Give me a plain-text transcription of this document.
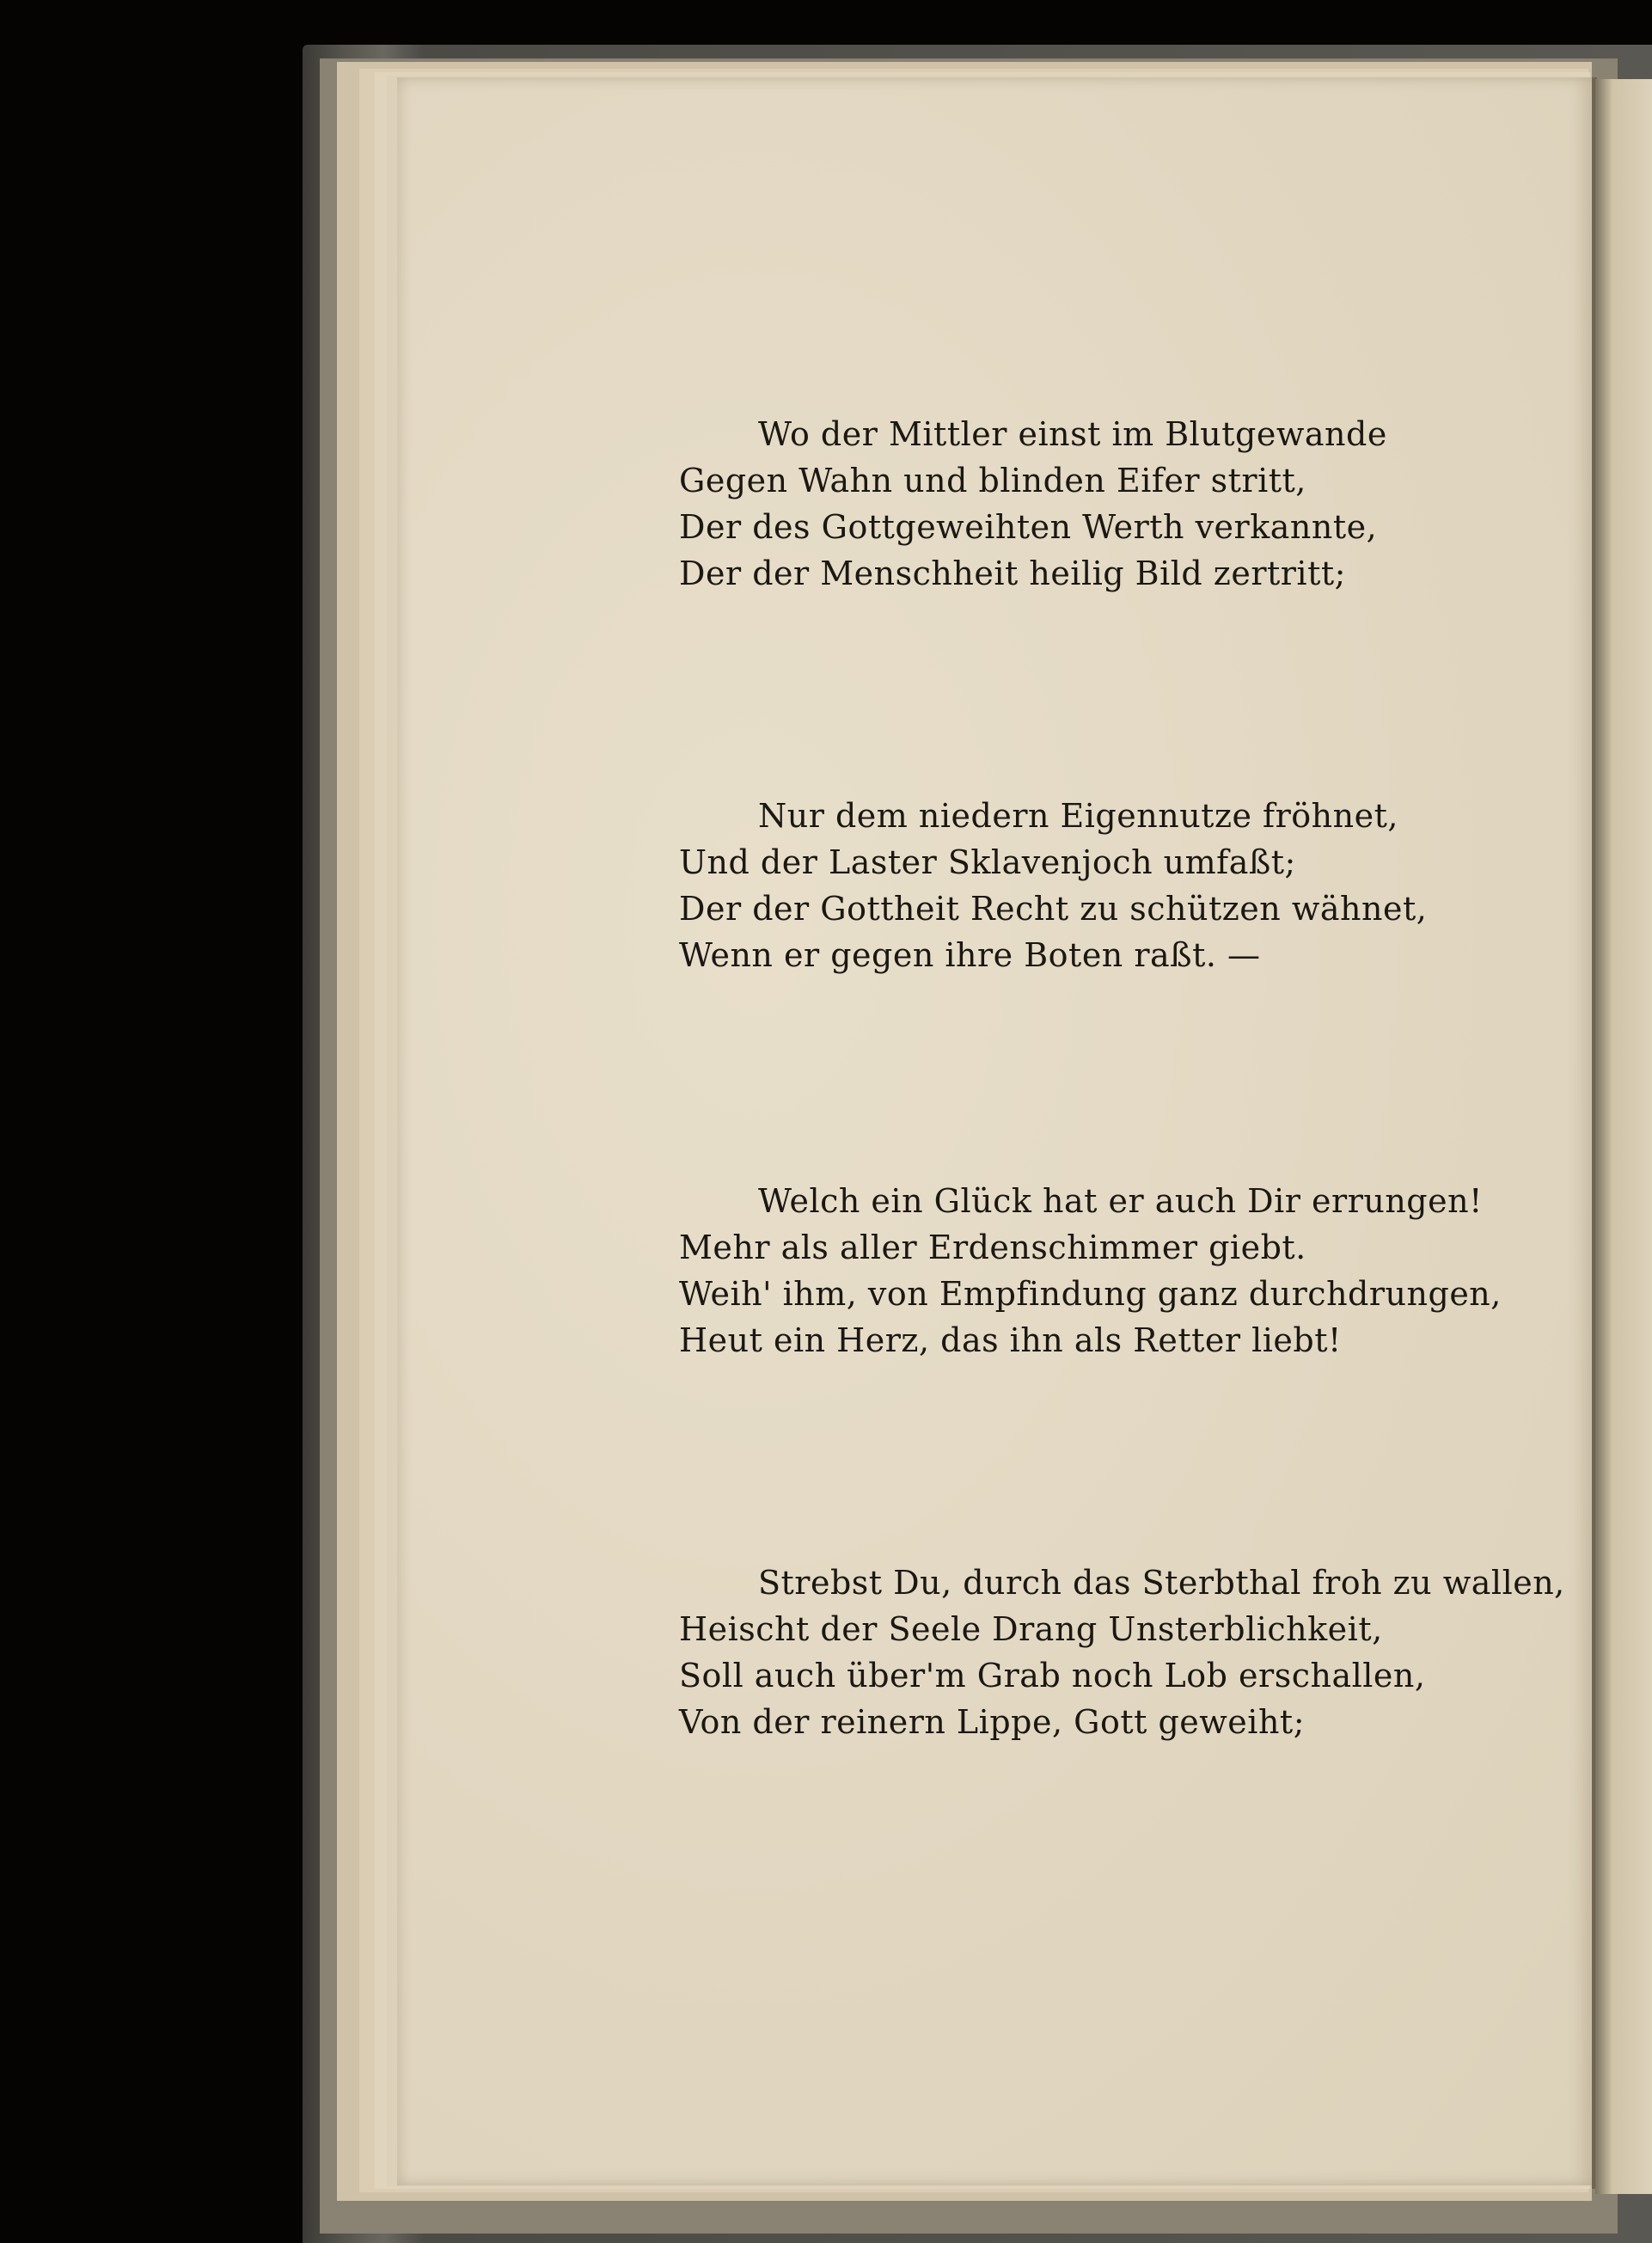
Wo der Mittler einst im Blutgewande
Gegen Wahn und blinden Eifer stritt,
Der des Gottgeweihten Werth verkannte,
Der der Menschheit heilig Bild zertritt;
Nur dem niedern Eigennutze fröhnet,
Und der Laster Sklavenjoch umfaßt;
Der der Gottheit Recht zu schützen wähnet,
Wenn er gegen ihre Boten raßt. —
Welch ein Glück hat er auch Dir errungen!
Mehr als aller Erdenschimmer giebt.
Weih' ihm, von Empfindung ganz durchdrungen,
Heut ein Herz, das ihn als Retter liebt!
Strebst Du, durch das Sterbthal froh zu wallen,
Heischt der Seele Drang Unsterblichkeit,
Soll auch über'm Grab noch Lob erschallen,
Von der reinern Lippe, Gott geweiht;
